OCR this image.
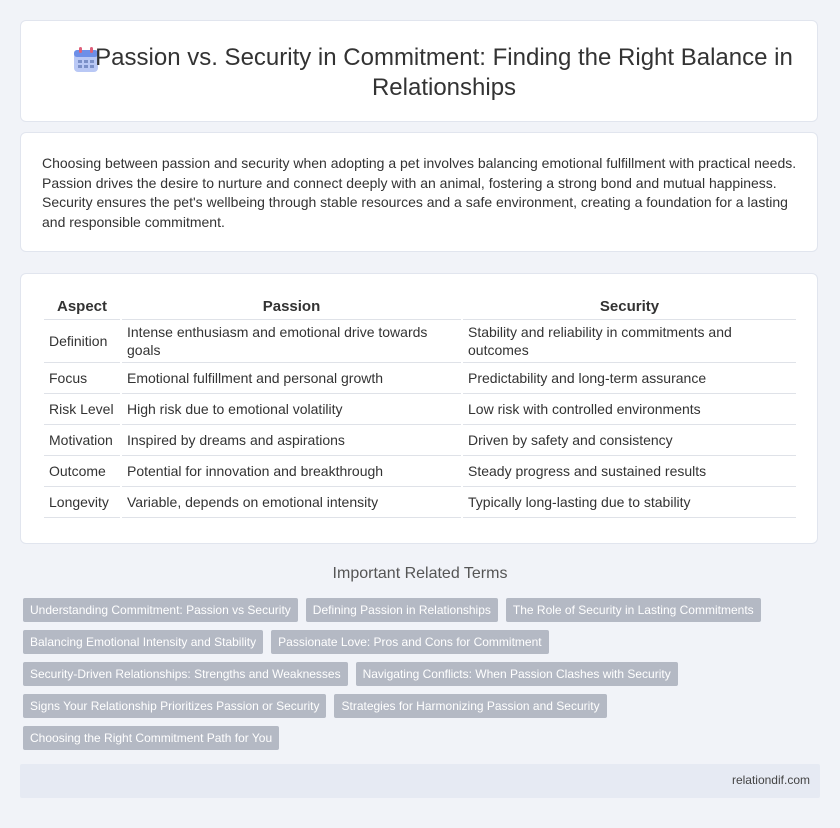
Passion vs. Security in Commitment: Finding the Right Balance in Relationships

Choosing between passion and security when adopting a pet involves balancing emotional fulfillment with practical needs. Passion drives the desire to nurture and connect deeply with an animal, fostering a strong bond and mutual happiness. Security ensures the pet's wellbeing through stable resources and a safe environment, creating a foundation for a lasting and responsible commitment.

Aspect	Passion	Security
Definition	Intense enthusiasm and emotional drive towards goals	Stability and reliability in commitments and outcomes
Focus	Emotional fulfillment and personal growth	Predictability and long-term assurance
Risk Level	High risk due to emotional volatility	Low risk with controlled environments
Motivation	Inspired by dreams and aspirations	Driven by safety and consistency
Outcome	Potential for innovation and breakthrough	Steady progress and sustained results
Longevity	Variable, depends on emotional intensity	Typically long-lasting due to stability
Important Related Terms
Understanding Commitment: Passion vs Security	Defining Passion in Relationships	The Role of Security in Lasting Commitments
Balancing Emotional Intensity and Stability	Passionate Love: Pros and Cons for Commitment
Security-Driven Relationships: Strengths and Weaknesses	Navigating Conflicts: When Passion Clashes with Security
Signs Your Relationship Prioritizes Passion or Security	Strategies for Harmonizing Passion and Security
Choosing the Right Commitment Path for You
relationdif.com
